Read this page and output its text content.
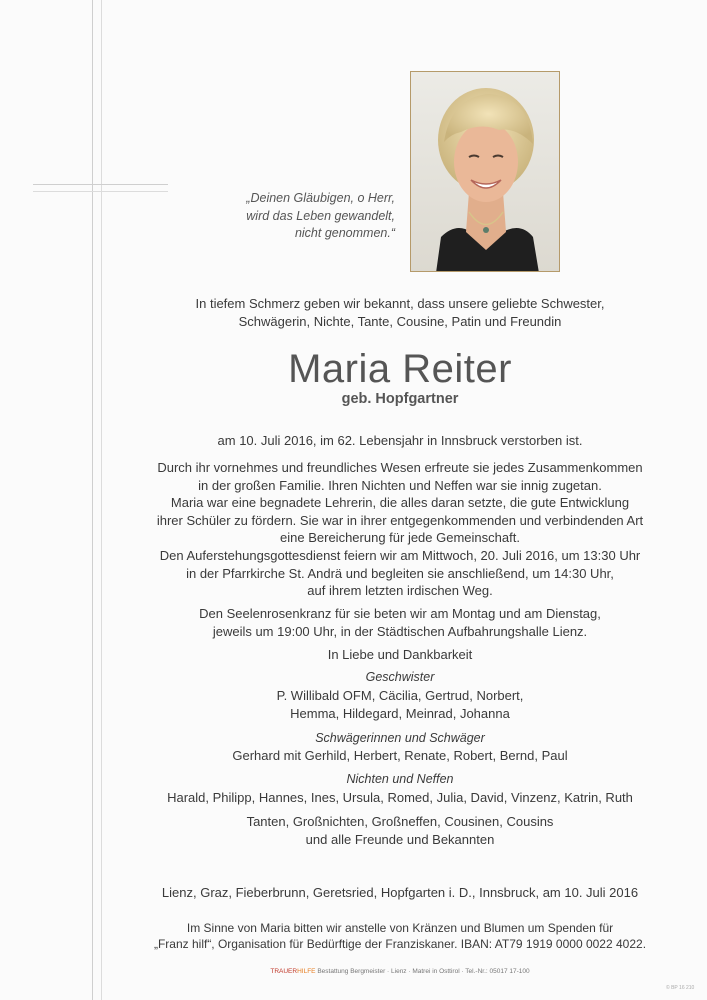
„Deinen Gläubigen, o Herr,
wird das Leben gewandelt,
nicht genommen.“
In tiefem Schmerz geben wir bekannt, dass unsere geliebte Schwester,
Schwägerin, Nichte, Tante, Cousine, Patin und Freundin
Maria Reiter
geb. Hopfgartner
am 10. Juli 2016, im 62. Lebensjahr in Innsbruck verstorben ist.
Durch ihr vornehmes und freundliches Wesen erfreute sie jedes Zusammenkommen
in der großen Familie. Ihren Nichten und Neffen war sie innig zugetan.
Maria war eine begnadete Lehrerin, die alles daran setzte, die gute Entwicklung
ihrer Schüler zu fördern. Sie war in ihrer entgegenkommenden und verbindenden Art
eine Bereicherung für jede Gemeinschaft.
Den Auferstehungsgottesdienst feiern wir am Mittwoch, 20. Juli 2016, um 13:30 Uhr
in der Pfarrkirche St. Andrä und begleiten sie anschließend, um 14:30 Uhr,
auf ihrem letzten irdischen Weg.
Den Seelenrosenkranz für sie beten wir am Montag und am Dienstag,
jeweils um 19:00 Uhr, in der Städtischen Aufbahrungshalle Lienz.
In Liebe und Dankbarkeit
Geschwister
P. Willibald OFM, Cäcilia, Gertrud, Norbert,
Hemma, Hildegard, Meinrad, Johanna
Schwägerinnen und Schwäger
Gerhard mit Gerhild, Herbert, Renate, Robert, Bernd, Paul
Nichten und Neffen
Harald, Philipp, Hannes, Ines, Ursula, Romed, Julia, David, Vinzenz, Katrin, Ruth
Tanten, Großnichten, Großneffen, Cousinen, Cousins
und alle Freunde und Bekannten
Lienz, Graz, Fieberbrunn, Geretsried, Hopfgarten i. D., Innsbruck, am 10. Juli 2016
Im Sinne von Maria bitten wir anstelle von Kränzen und Blumen um Spenden für
„Franz hilf“, Organisation für Bedürftige der Franziskaner. IBAN: AT79 1919 0000 0022 4022.
TRAUERHILFE Bestattung Bergmeister · Lienz · Matrei in Osttirol · Tel.-Nr.: 05017 17-100
© BP 16 210
